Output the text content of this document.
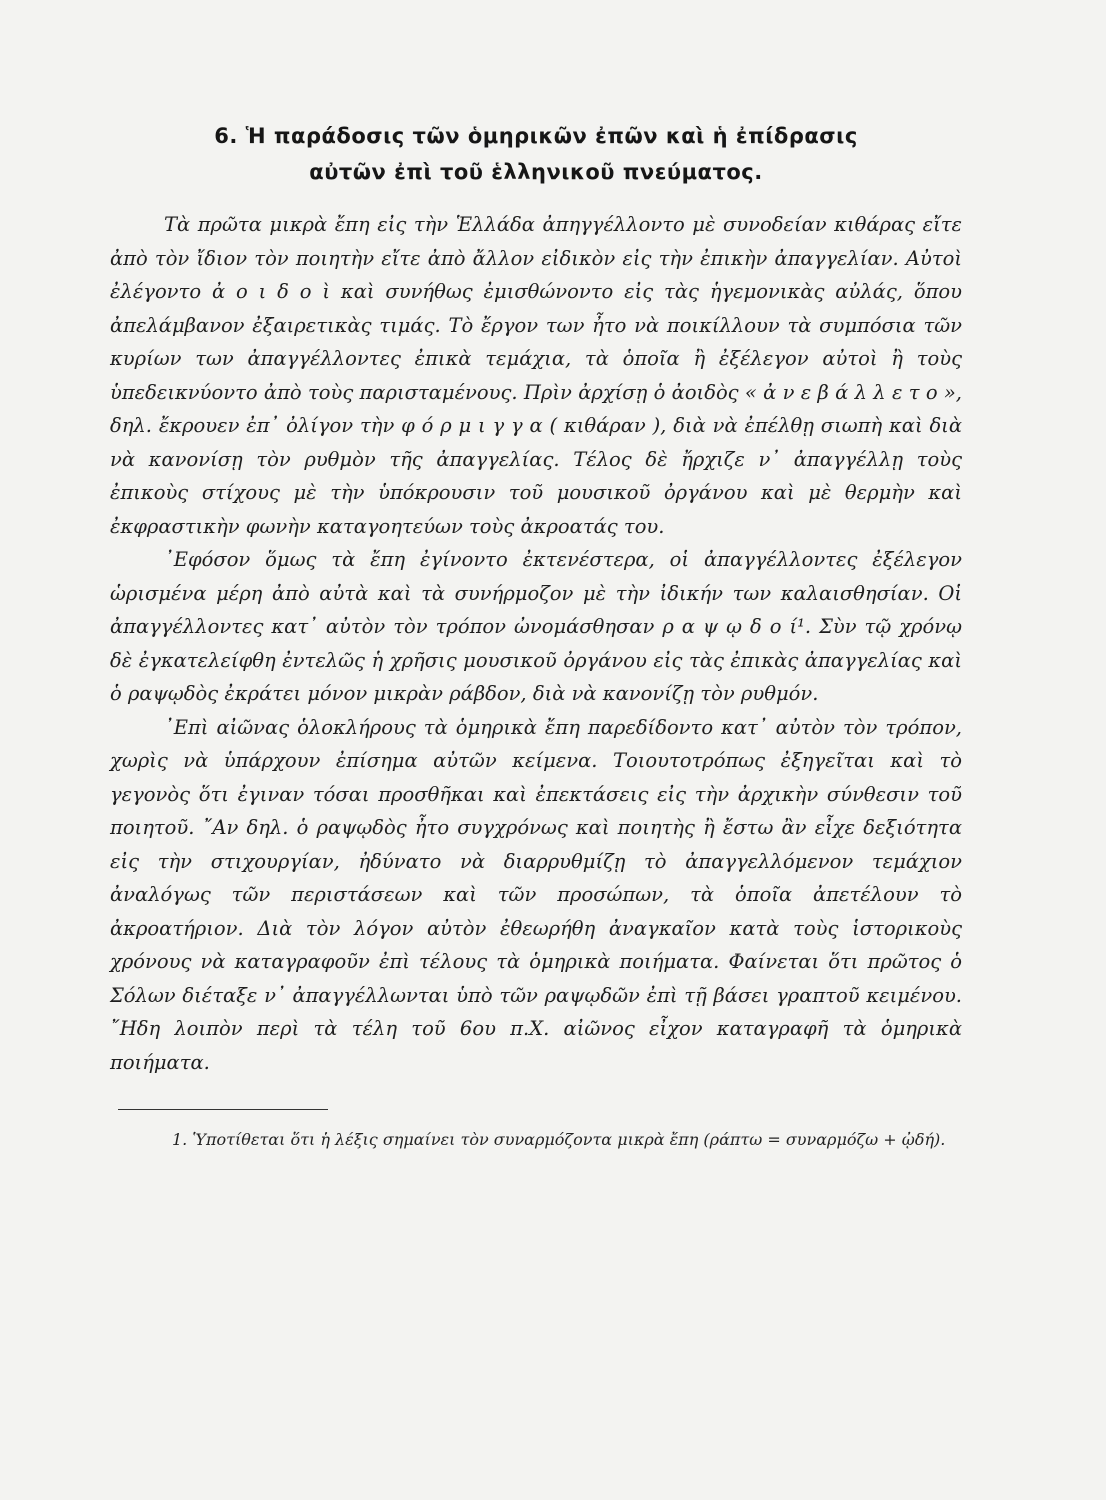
6. Ἡ παράδοσις τῶν ὁμηρικῶν ἐπῶν καὶ ἡ ἐπίδρασις
αὐτῶν ἐπὶ τοῦ ἑλληνικοῦ πνεύματος.

Τὰ πρῶτα μικρὰ ἔπη εἰς τὴν Ἑλλάδα ἀπηγγέλλοντο μὲ συνοδείαν κιθάρας εἴτε ἀπὸ τὸν ἴδιον τὸν ποιητὴν εἴτε ἀπὸ ἄλλον εἰδικὸν εἰς τὴν ἐπικὴν ἀπαγγελίαν. Αὐτοὶ ἐλέγοντο ἀ ο ι δ ο ὶ καὶ συνήθως ἐμισθώνοντο εἰς τὰς ἡγεμονικὰς αὐλάς, ὅπου ἀπελάμβανον ἐξαιρετικὰς τιμάς. Τὸ ἔργον των ἦτο νὰ ποικίλλουν τὰ συμπόσια τῶν κυρίων των ἀπαγγέλλοντες ἐπικὰ τεμάχια, τὰ ὁποῖα ἢ ἐξέλεγον αὐτοὶ ἢ τοὺς ὑπεδεικνύοντο ἀπὸ τοὺς παρισταμένους. Πρὶν ἀρχίσῃ ὁ ἀοιδὸς « ἀ ν ε β ά λ λ ε τ ο », δηλ. ἔκρουεν ἐπ᾽ ὀλίγον τὴν φ ό ρ μ ι γ γ α ( κιθάραν ), διὰ νὰ ἐπέλθῃ σιωπὴ καὶ διὰ νὰ κανονίσῃ τὸν ρυθμὸν τῆς ἀπαγγελίας. Τέλος δὲ ἤρχιζε ν᾽ ἀπαγγέλλῃ τοὺς ἐπικοὺς στίχους μὲ τὴν ὑπόκρουσιν τοῦ μουσικοῦ ὀργάνου καὶ μὲ θερμὴν καὶ ἐκφραστικὴν φωνὴν καταγοητεύων τοὺς ἀκροατάς του.

᾽Εφόσον ὅμως τὰ ἔπη ἐγίνοντο ἐκτενέστερα, οἱ ἀπαγγέλλοντες ἐξέλεγον ὡρισμένα μέρη ἀπὸ αὐτὰ καὶ τὰ συνήρμοζον μὲ τὴν ἰδικήν των καλαισθησίαν. Οἱ ἀπαγγέλλοντες κατ᾽ αὐτὸν τὸν τρόπον ὠνομάσθησαν ρ α ψ ῳ δ ο ί¹. Σὺν τῷ χρόνῳ δὲ ἐγκατελείφθη ἐντελῶς ἡ χρῆσις μουσικοῦ ὀργάνου εἰς τὰς ἐπικὰς ἀπαγγελίας καὶ ὁ ραψῳδὸς ἐκράτει μόνον μικρὰν ράβδον, διὰ νὰ κανονίζῃ τὸν ρυθμόν.

᾽Επὶ αἰῶνας ὁλοκλήρους τὰ ὁμηρικὰ ἔπη παρεδίδοντο κατ᾽ αὐτὸν τὸν τρόπον, χωρὶς νὰ ὑπάρχουν ἐπίσημα αὐτῶν κείμενα. Τοιουτοτρόπως ἐξηγεῖται καὶ τὸ γεγονὸς ὅτι ἐγιναν τόσαι προσθῆκαι καὶ ἐπεκτάσεις εἰς τὴν ἀρχικὴν σύνθεσιν τοῦ ποιητοῦ. ῎Αν δηλ. ὁ ραψῳδὸς ἦτο συγχρόνως καὶ ποιητὴς ἢ ἔστω ἂν εἶχε δεξιότητα εἰς τὴν στιχουργίαν, ἠδύνατο νὰ διαρρυθμίζῃ τὸ ἀπαγγελλόμενον τεμάχιον ἀναλόγως τῶν περιστάσεων καὶ τῶν προσώπων, τὰ ὁποῖα ἀπετέλουν τὸ ἀκροατήριον. Διὰ τὸν λόγον αὐτὸν ἐθεωρήθη ἀναγκαῖον κατὰ τοὺς ἱστορικοὺς χρόνους νὰ καταγραφοῦν ἐπὶ τέλους τὰ ὁμηρικὰ ποιήματα. Φαίνεται ὅτι πρῶτος ὁ Σόλων διέταξε ν᾽ ἀπαγγέλλωνται ὑπὸ τῶν ραψῳδῶν ἐπὶ τῇ βάσει γραπτοῦ κειμένου. ῎Ηδη λοιπὸν περὶ τὰ τέλη τοῦ 6ου π.Χ. αἰῶνος εἶχον καταγραφῆ τὰ ὁμηρικὰ ποιήματα.

1. Ὑποτίθεται ὅτι ἡ λέξις σημαίνει τὸν συναρμόζοντα μικρὰ ἔπη (ράπτω = συναρμόζω + ᾠδή).
